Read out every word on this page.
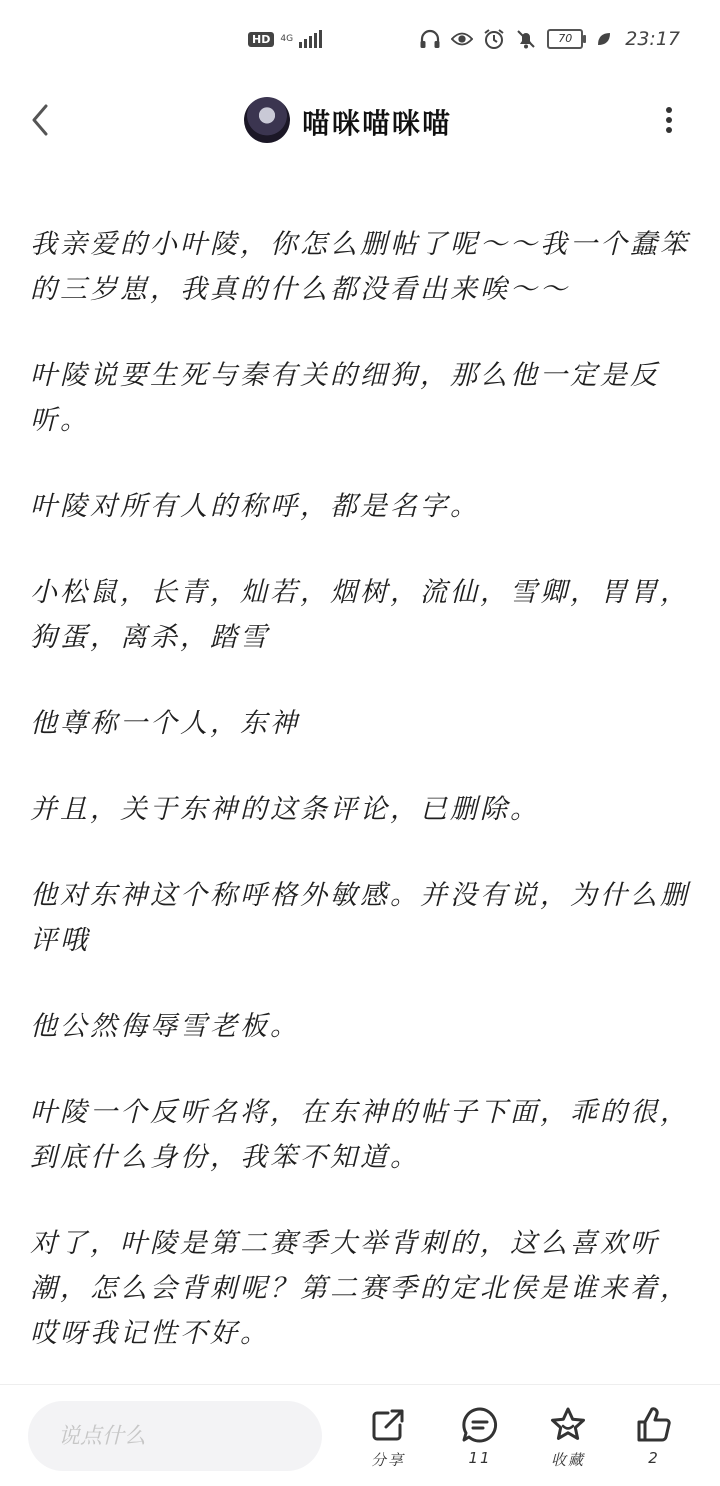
HD	4G	70	23:17
喵咪喵咪喵

我亲爱的小叶陵，你怎么删帖了呢～～我一个蠢笨的三岁崽，我真的什么都没看出来唉～～

叶陵说要生死与秦有关的细狗，那么他一定是反听。

叶陵对所有人的称呼，都是名字。

小松鼠，长青，灿若，烟树，流仙，雪卿，胃胃，狗蛋，离杀，踏雪

他尊称一个人，东神

并且，关于东神的这条评论，已删除。

他对东神这个称呼格外敏感。并没有说，为什么删评哦

他公然侮辱雪老板。

叶陵一个反听名将，在东神的帖子下面，乖的很，到底什么身份，我笨不知道。

对了，叶陵是第二赛季大举背刺的，这么喜欢听潮，怎么会背刺呢？第二赛季的定北侯是谁来着，哎呀我记性不好。

说点什么
分享	11	收藏	2
